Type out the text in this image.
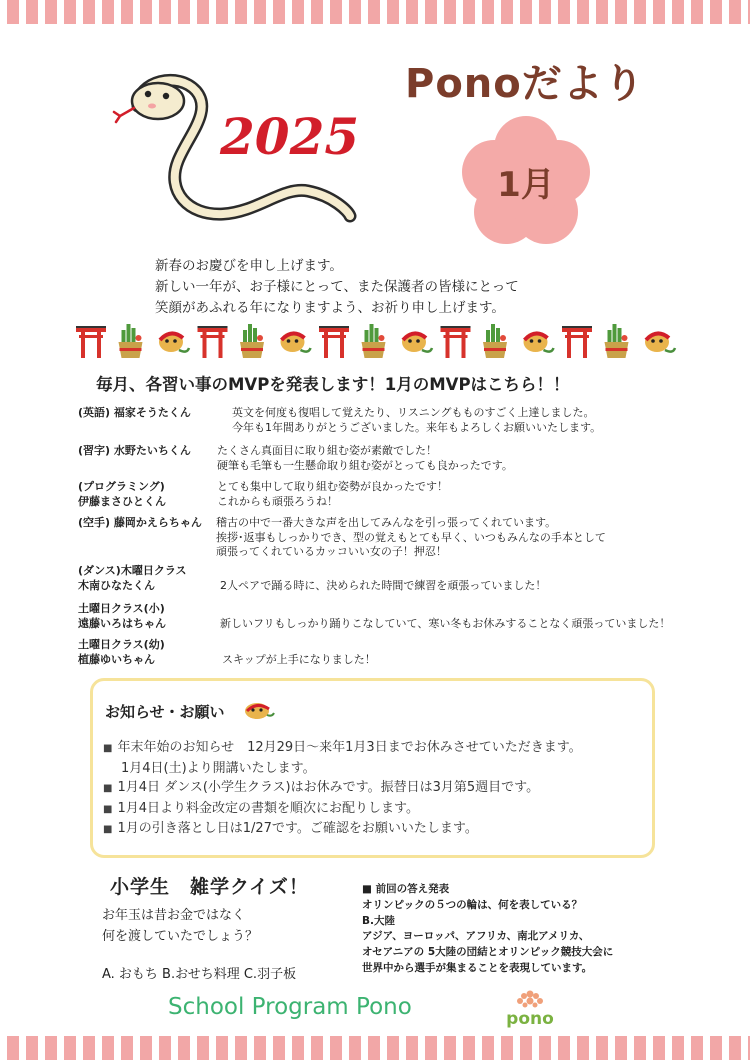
2025
Ponoだより
1月
新春のお慶びを申し上げます。
新しい一年が、お子様にとって、また保護者の皆様にとって
笑顔があふれる年になりますよう、お祈り申し上げます。
毎月、各習い事のMVPを発表します！1月のMVPはこちら！！
(英語) 福家そうたくん	英文を何度も復唱して覚えたり、リスニングもものすごく上達しました。
今年も1年間ありがとうございました。来年もよろしくお願いいたします。
(習字) 水野たいちくん たくさん真面目に取り組む姿が素敵でした！
硬筆も毛筆も一生懸命取り組む姿がとっても良かったです。
(プログラミング)
伊藤まさひとくん
とても集中して取り組む姿勢が良かったです！
これからも頑張ろうね！
(空手) 藤岡かえらちゃん 稽古の中で一番大きな声を出してみんなを引っ張ってくれています。
挨拶･返事もしっかりでき、型の覚えもとても早く、いつもみんなの手本として
頑張ってくれているカッコいい女の子！押忍！
(ダンス)木曜日クラス
木南ひなたくん	
2人ペアで踊る時に、決められた時間で練習を頑張っていました！
土曜日クラス(小)
遠藤いろはちゃん	
新しいフリもしっかり踊りこなしていて、寒い冬もお休みすることなく頑張っていました！
土曜日クラス(幼)
植藤ゆいちゃん	
スキップが上手になりました！
お知らせ・お願い
■ 年末年始のお知らせ　12月29日～来年1月3日までお休みさせていただきます。
1月4日(土)より開講いたします。
■ 1月4日 ダンス(小学生クラス)はお休みです。振替日は3月第5週目です。
■ 1月4日より料金改定の書類を順次にお配りします。
■ 1月の引き落とし日は1/27です。ご確認をお願いいたします。
小学生　雑学クイズ！
お年玉は昔お金ではなく
何を渡していたでしょう？
A. おもち B.おせち料理 C.羽子板
■ 前回の答え発表
オリンピックの５つの輪は、何を表している？
B.大陸
アジア、ヨーロッパ、アフリカ、南北アメリカ、
オセアニアの 5大陸の団結とオリンピック競技大会に
世界中から選手が集まることを表現しています。
School Program Pono	pono
